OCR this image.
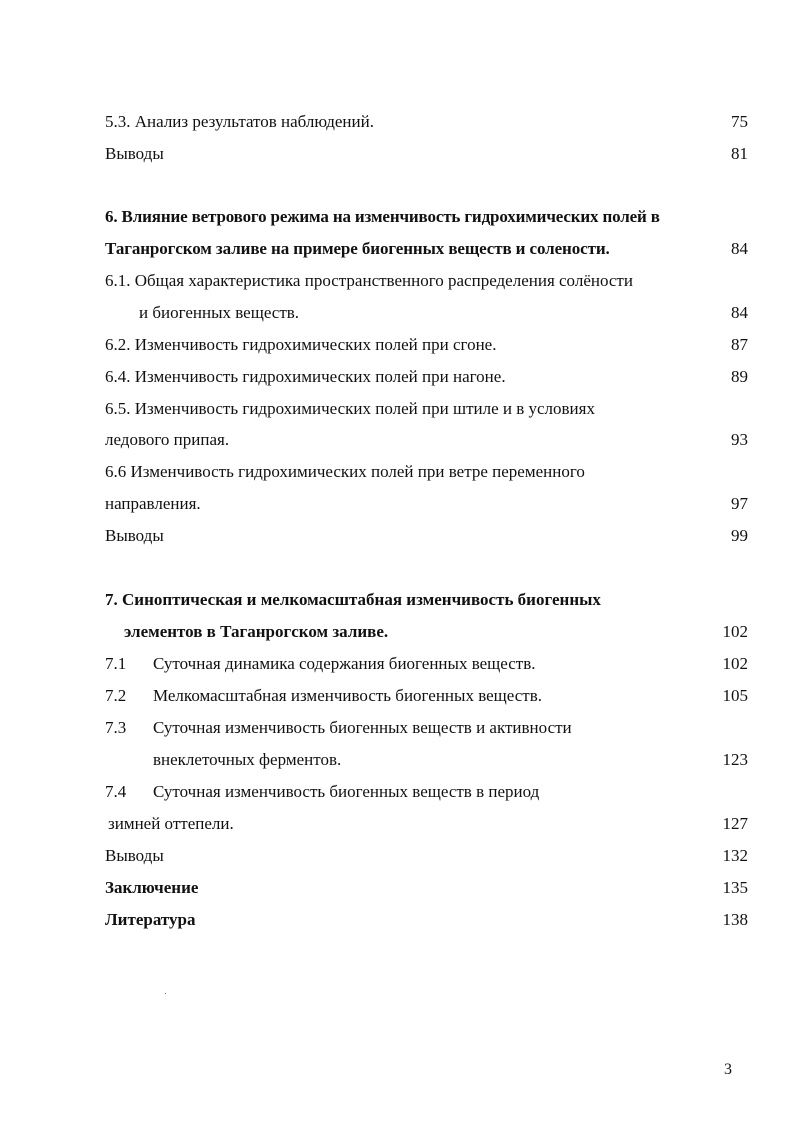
5.3. Анализ результатов наблюдений.	75
Выводы	81
6. Влияние ветрового режима на изменчивость гидрохимических полей в
Таганрогском заливе на примере биогенных веществ и солености.	84
6.1. Общая характеристика пространственного распределения солёности
и биогенных веществ.	84
6.2. Изменчивость гидрохимических полей при сгоне.	87
6.4. Изменчивость гидрохимических полей при нагоне.	89
6.5. Изменчивость гидрохимических полей при штиле и в условиях
ледового припая.	93
6.6 Изменчивость гидрохимических полей при ветре переменного
направления.	97
Выводы	99
7. Синоптическая и мелкомасштабная изменчивость биогенных
элементов в Таганрогском заливе.	102
7.1 Суточная динамика содержания биогенных веществ.	102
7.2 Мелкомасштабная изменчивость биогенных веществ.	105
7.3 Суточная изменчивость биогенных веществ и активности
внеклеточных ферментов.	123
7.4 Суточная изменчивость биогенных веществ в период
зимней оттепели.	127
Выводы	132
Заключение	135
Литература	138
3
